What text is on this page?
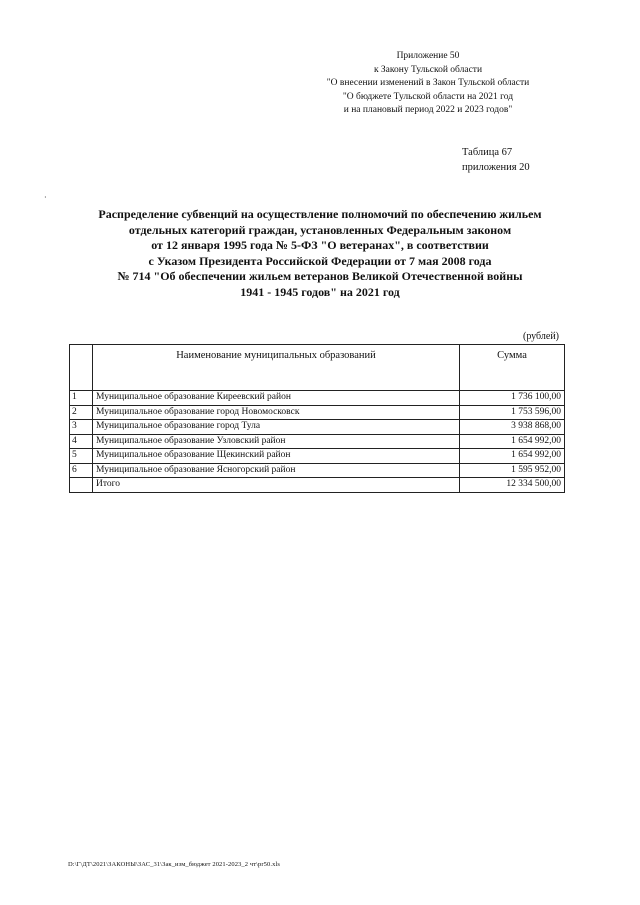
Приложение 50
к Закону Тульской области
"О внесении изменений в Закон Тульской области
"О бюджете Тульской области на 2021 год
и на плановый период 2022 и 2023 годов"
Таблица 67
приложения 20
·
Распределение субвенций на осуществление полномочий по обеспечению жильем
отдельных категорий граждан, установленных Федеральным законом
от 12 января 1995 года № 5-ФЗ "О ветеранах", в соответствии
с Указом Президента Российской Федерации от 7 мая 2008 года
№ 714 "Об обеспечении жильем ветеранов Великой Отечественной войны
1941 - 1945 годов" на 2021 год
(рублей)
	Наименование муниципальных образований	Сумма
1	Муниципальное образование Киреевский район	1 736 100,00
2	Муниципальное образование город Новомосковск	1 753 596,00
3	Муниципальное образование город Тула	3 938 868,00
4	Муниципальное образование Узловский район	1 654 992,00
5	Муниципальное образование Щекинский район	1 654 992,00
6	Муниципальное образование Ясногорский район	1 595 952,00
	Итого	12 334 500,00
D:\Г\ДТ\2021\ЗАКОНЫ\ЗАС_31\Зак_изм_бюджет 2021-2023_2 чт\pr50.xls
